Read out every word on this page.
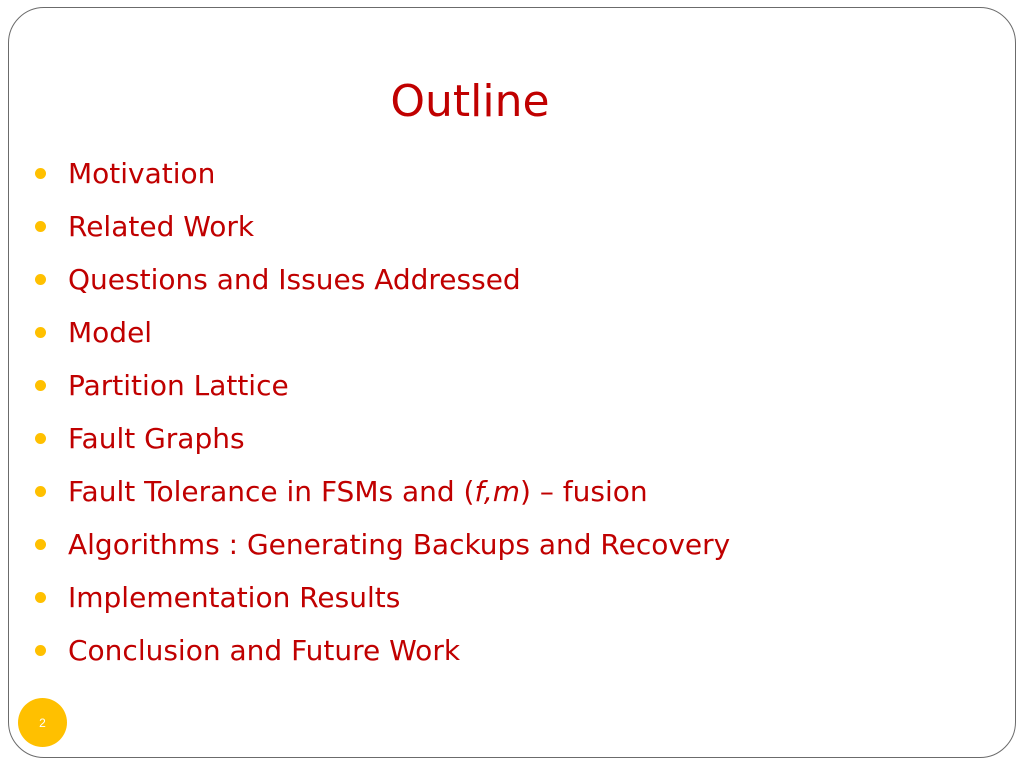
Outline
Motivation
Related Work
Questions and Issues Addressed
Model
Partition Lattice
Fault Graphs
Fault Tolerance in FSMs and (f,m) – fusion
Algorithms : Generating Backups and Recovery
Implementation Results
Conclusion and Future Work
2
